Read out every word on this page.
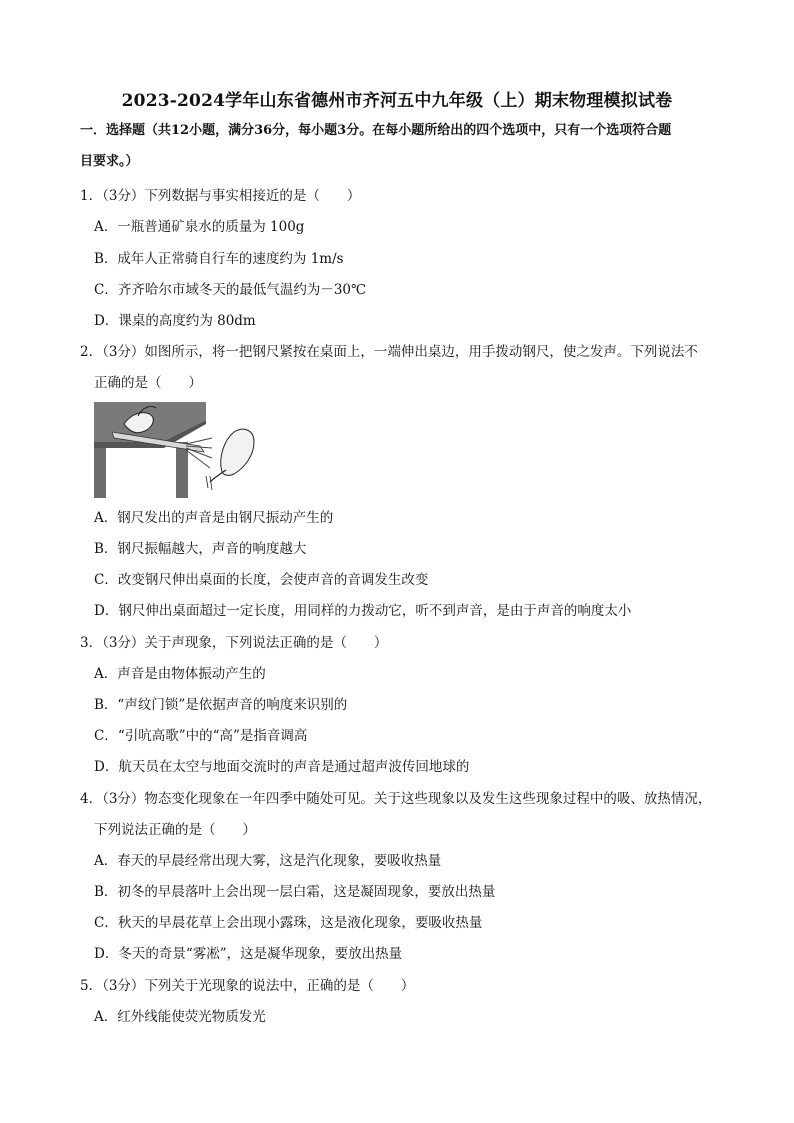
2023-2024学年山东省德州市齐河五中九年级（上）期末物理模拟试卷
一．选择题（共12小题，满分36分，每小题3分。在每小题所给出的四个选项中，只有一个选项符合题
目要求。）
1．（3分）下列数据与事实相接近的是（　　）
A．一瓶普通矿泉水的质量为 100g
B．成年人正常骑自行车的速度约为 1m/s
C．齐齐哈尔市域冬天的最低气温约为－30℃
D．课桌的高度约为 80dm
2．（3分）如图所示，将一把钢尺紧按在桌面上，一端伸出桌边，用手拨动钢尺，使之发声。下列说法不
正确的是（　　）
A．钢尺发出的声音是由钢尺振动产生的
B．钢尺振幅越大，声音的响度越大
C．改变钢尺伸出桌面的长度，会使声音的音调发生改变
D．钢尺伸出桌面超过一定长度，用同样的力拨动它，听不到声音，是由于声音的响度太小
3．（3分）关于声现象，下列说法正确的是（　　）
A．声音是由物体振动产生的
B．“声纹门锁”是依据声音的响度来识别的
C．“引吭高歌”中的“高”是指音调高
D．航天员在太空与地面交流时的声音是通过超声波传回地球的
4．（3分）物态变化现象在一年四季中随处可见。关于这些现象以及发生这些现象过程中的吸、放热情况，
下列说法正确的是（　　）
A．春天的早晨经常出现大雾，这是汽化现象，要吸收热量
B．初冬的早晨落叶上会出现一层白霜，这是凝固现象，要放出热量
C．秋天的早晨花草上会出现小露珠，这是液化现象，要吸收热量
D．冬天的奇景“雾凇”，这是凝华现象，要放出热量
5．（3分）下列关于光现象的说法中，正确的是（　　）
A．红外线能使荧光物质发光
